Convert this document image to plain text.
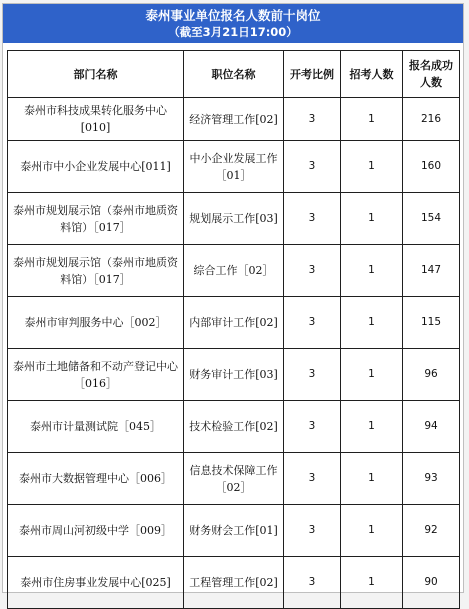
泰州事业单位报名人数前十岗位
（截至3月21日17:00）
部门名称	职位名称	开考比例	招考人数	报名成功人数
泰州市科技成果转化服务中心[010]	经济管理工作[02]	3	1	216
泰州市中小企业发展中心[011]	中小企业发展工作［01］	3	1	160
泰州市规划展示馆（泰州市地质资料馆）［017］	规划展示工作[03]	3	1	154
泰州市规划展示馆（泰州市地质资料馆）［017］	综合工作［02］	3	1	147
泰州市审判服务中心［002］	内部审计工作[02]	3	1	115
泰州市土地储备和不动产登记中心［016］	财务审计工作[03]	3	1	96
泰州市计量测试院［045］	技术检验工作[02]	3	1	94
泰州市大数据管理中心［006］	信息技术保障工作［02］	3	1	93
泰州市周山河初级中学［009］	财务财会工作[01]	3	1	92
泰州市住房事业发展中心[025]	工程管理工作[02]	3	1	90
